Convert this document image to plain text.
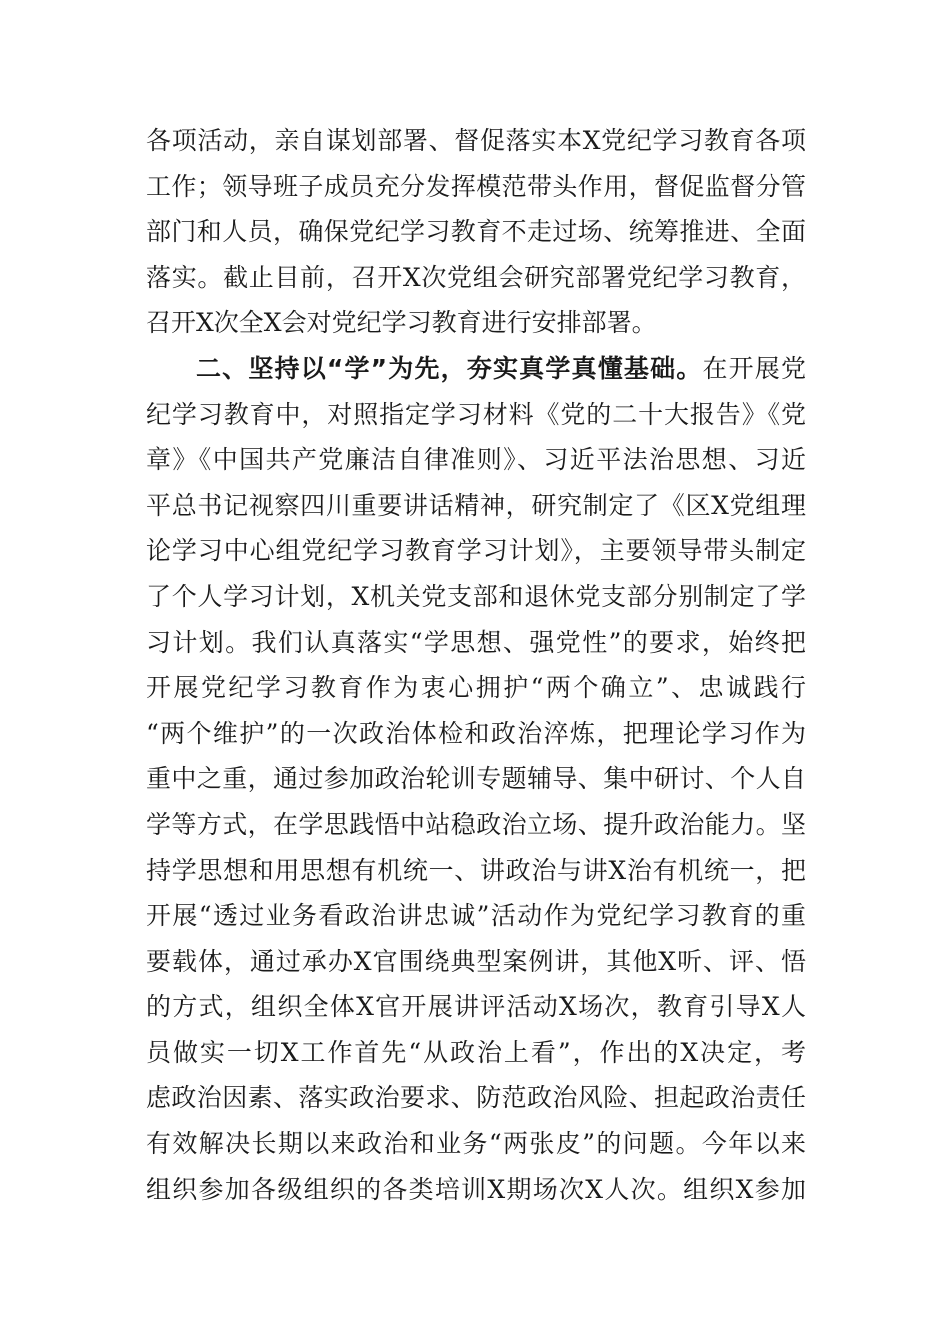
各项活动，亲自谋划部署、督促落实本X党纪学习教育各项
工作；领导班子成员充分发挥模范带头作用，督促监督分管
部门和人员，确保党纪学习教育不走过场、统筹推进、全面
落实。截止目前，召开X次党组会研究部署党纪学习教育，
召开X次全X会对党纪学习教育进行安排部署。
二、坚持以“学”为先，夯实真学真懂基础。在开展党
纪学习教育中，对照指定学习材料《党的二十大报告》《党
章》《中国共产党廉洁自律准则》、习近平法治思想、习近
平总书记视察四川重要讲话精神，研究制定了《区X党组理
论学习中心组党纪学习教育学习计划》，主要领导带头制定
了个人学习计划，X机关党支部和退休党支部分别制定了学
习计划。我们认真落实“学思想、强党性”的要求，始终把
开展党纪学习教育作为衷心拥护“两个确立”、忠诚践行
“两个维护”的一次政治体检和政治淬炼，把理论学习作为
重中之重，通过参加政治轮训专题辅导、集中研讨、个人自
学等方式，在学思践悟中站稳政治立场、提升政治能力。坚
持学思想和用思想有机统一、讲政治与讲X治有机统一，把
开展“透过业务看政治讲忠诚”活动作为党纪学习教育的重
要载体，通过承办X官围绕典型案例讲，其他X听、评、悟
的方式，组织全体X官开展讲评活动X场次，教育引导X人
员做实一切X工作首先“从政治上看”，作出的X决定，考
虑政治因素、落实政治要求、防范政治风险、担起政治责任
有效解决长期以来政治和业务“两张皮”的问题。今年以来
组织参加各级组织的各类培训X期场次X人次。组织X参加
